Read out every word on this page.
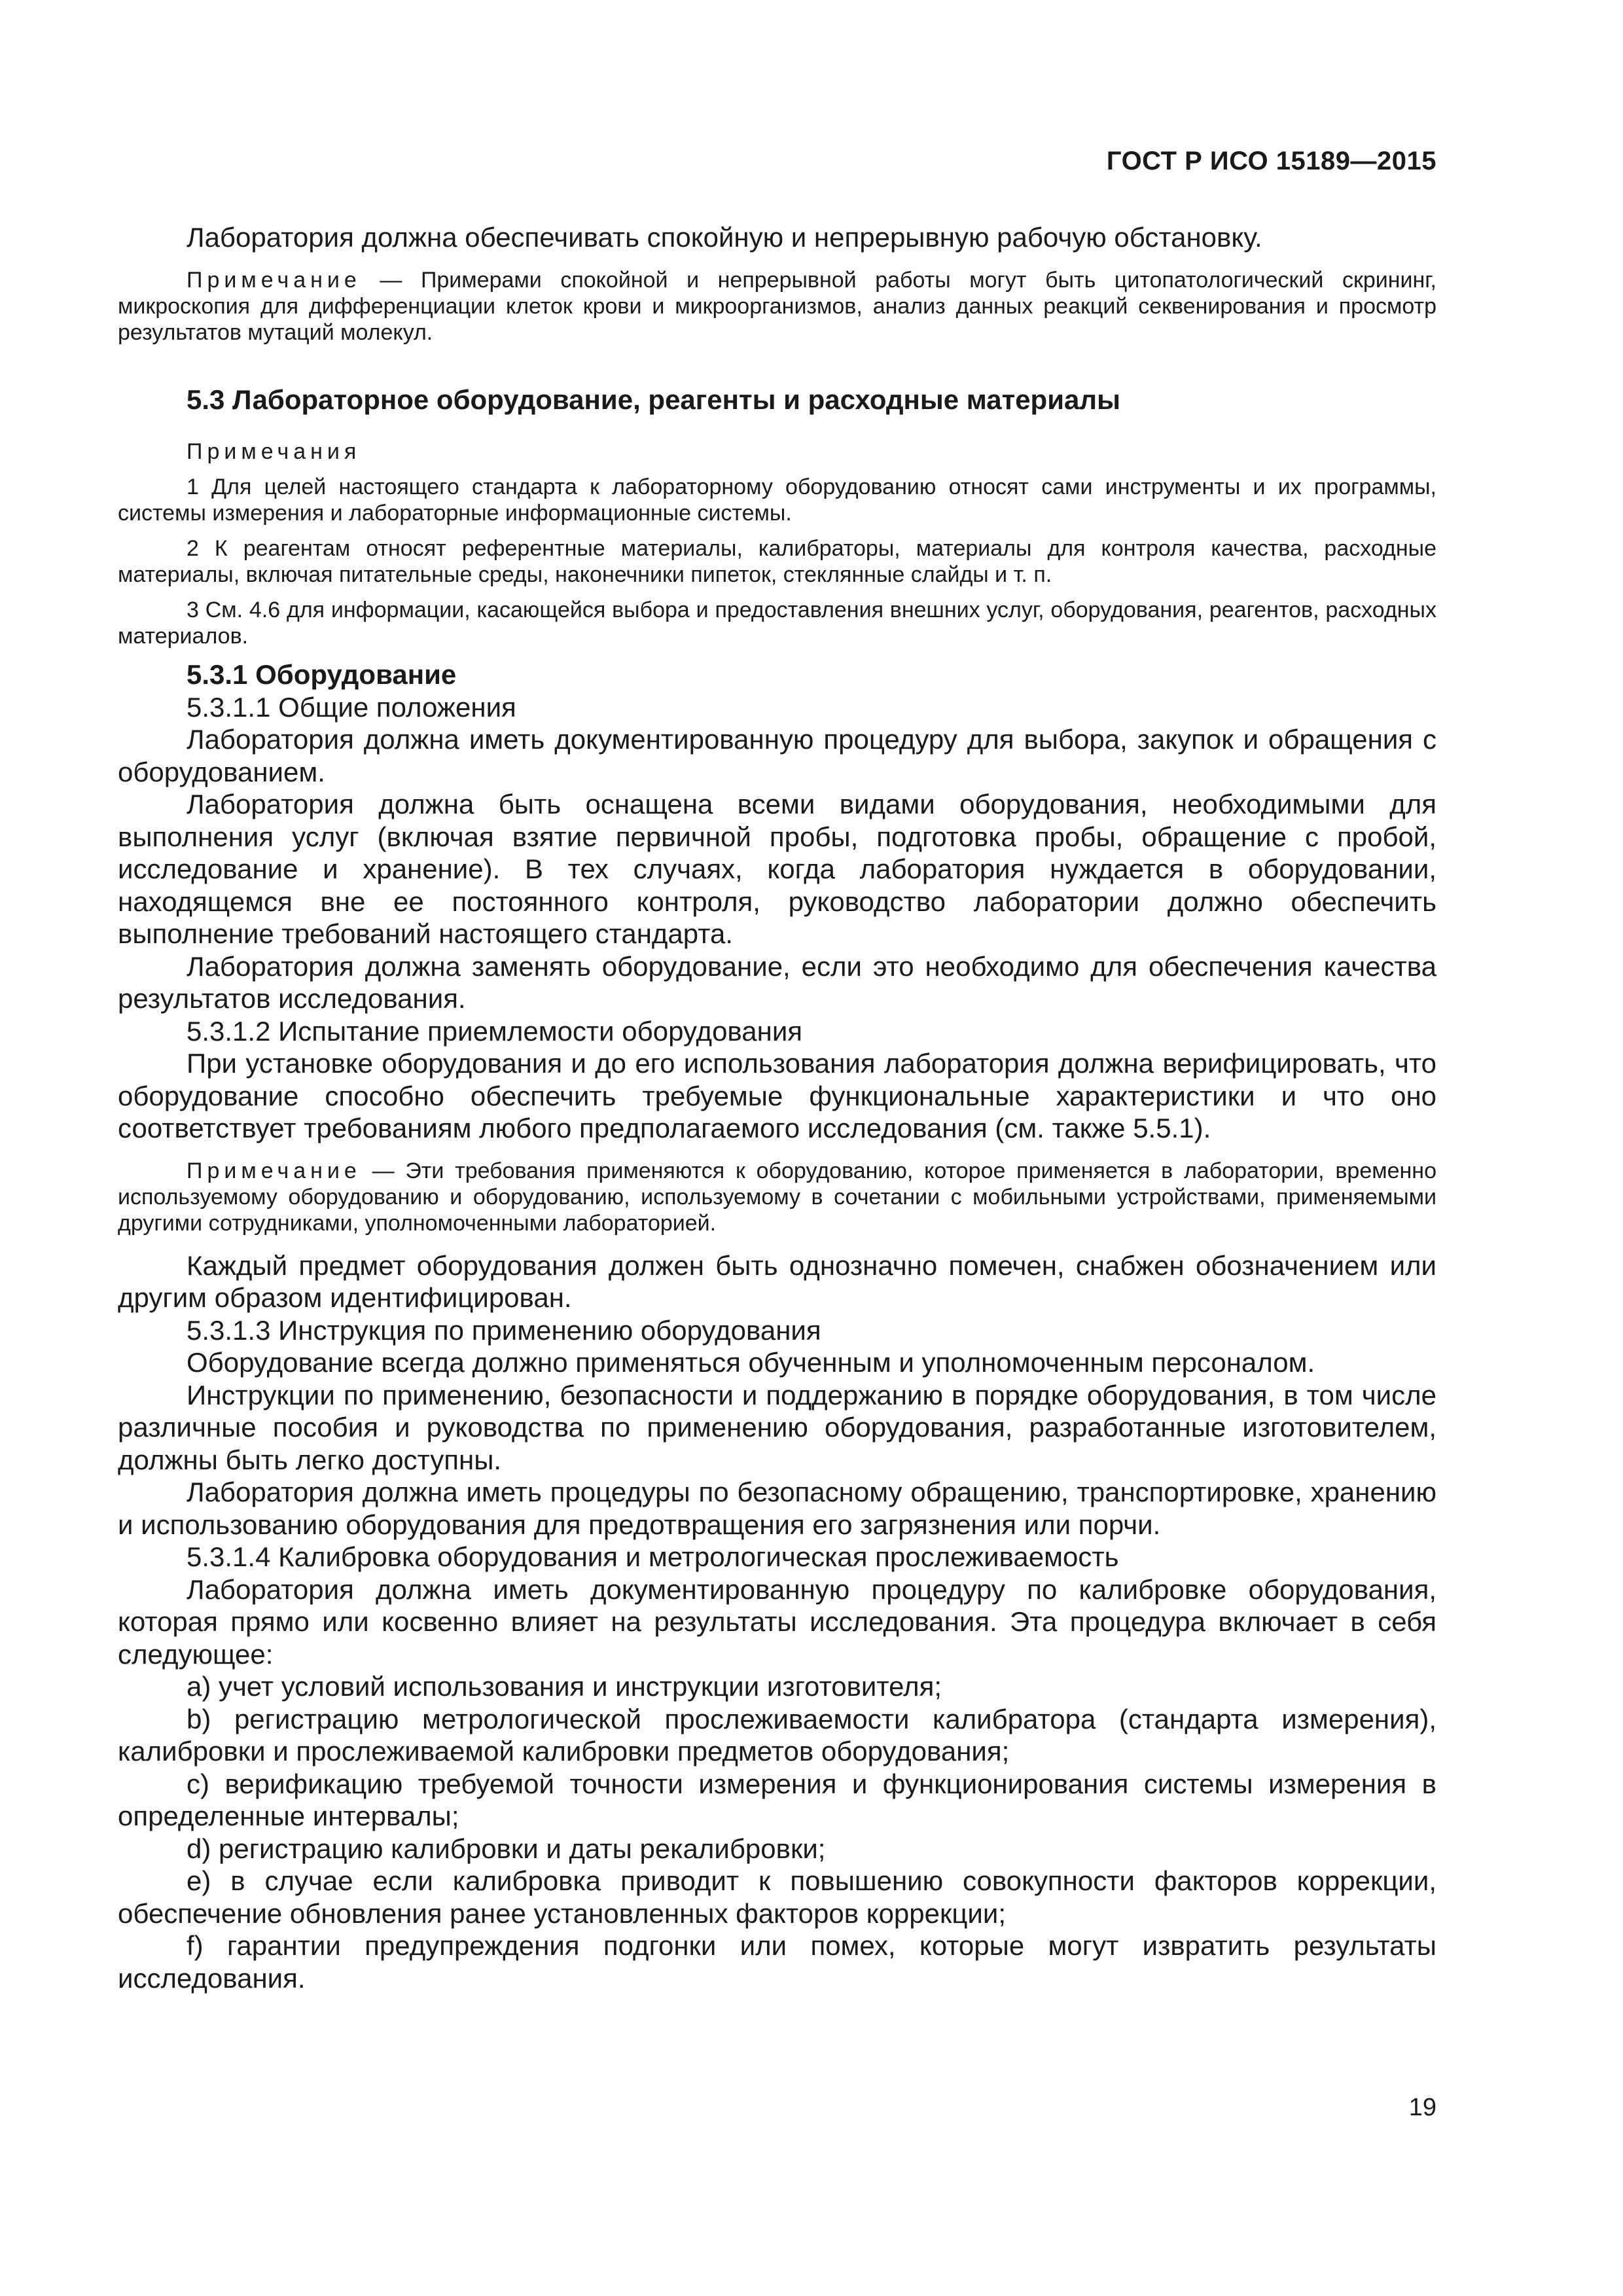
ГОСТ Р ИСО 15189—2015

Лаборатория должна обеспечивать спокойную и непрерывную рабочую обстановку.

Примечание — Примерами спокойной и непрерывной работы могут быть цитопатологический скрининг, микроскопия для дифференциации клеток крови и микроорганизмов, анализ данных реакций секвенирования и просмотр результатов мутаций молекул.

5.3 Лабораторное оборудование, реагенты и расходные материалы

Примечания

1 Для целей настоящего стандарта к лабораторному оборудованию относят сами инструменты и их программы, системы измерения и лабораторные информационные системы.

2 К реагентам относят референтные материалы, калибраторы, материалы для контроля качества, расходные материалы, включая питательные среды, наконечники пипеток, стеклянные слайды и т. п.

3 См. 4.6 для информации, касающейся выбора и предоставления внешних услуг, оборудования, реагентов, расходных материалов.

5.3.1 Оборудование

5.3.1.1 Общие положения

Лаборатория должна иметь документированную процедуру для выбора, закупок и обращения с оборудованием.

Лаборатория должна быть оснащена всеми видами оборудования, необходимыми для выполнения услуг (включая взятие первичной пробы, подготовка пробы, обращение с пробой, исследование и хранение). В тех случаях, когда лаборатория нуждается в оборудовании, находящемся вне ее постоянного контроля, руководство лаборатории должно обеспечить выполнение требований настоящего стандарта.

Лаборатория должна заменять оборудование, если это необходимо для обеспечения качества результатов исследования.

5.3.1.2 Испытание приемлемости оборудования

При установке оборудования и до его использования лаборатория должна верифицировать, что оборудование способно обеспечить требуемые функциональные характеристики и что оно соответствует требованиям любого предполагаемого исследования (см. также 5.5.1).

Примечание — Эти требования применяются к оборудованию, которое применяется в лаборатории, временно используемому оборудованию и оборудованию, используемому в сочетании с мобильными устройствами, применяемыми другими сотрудниками, уполномоченными лабораторией.

Каждый предмет оборудования должен быть однозначно помечен, снабжен обозначением или другим образом идентифицирован.

5.3.1.3 Инструкция по применению оборудования

Оборудование всегда должно применяться обученным и уполномоченным персоналом.

Инструкции по применению, безопасности и поддержанию в порядке оборудования, в том числе различные пособия и руководства по применению оборудования, разработанные изготовителем, должны быть легко доступны.

Лаборатория должна иметь процедуры по безопасному обращению, транспортировке, хранению и использованию оборудования для предотвращения его загрязнения или порчи.

5.3.1.4 Калибровка оборудования и метрологическая прослеживаемость

Лаборатория должна иметь документированную процедуру по калибровке оборудования, которая прямо или косвенно влияет на результаты исследования. Эта процедура включает в себя следующее:

a) учет условий использования и инструкции изготовителя;

b) регистрацию метрологической прослеживаемости калибратора (стандарта измерения), калибровки и прослеживаемой калибровки предметов оборудования;

c) верификацию требуемой точности измерения и функционирования системы измерения в определенные интервалы;

d) регистрацию калибровки и даты рекалибровки;

e) в случае если калибровка приводит к повышению совокупности факторов коррекции, обеспечение обновления ранее установленных факторов коррекции;

f) гарантии предупреждения подгонки или помех, которые могут извратить результаты исследования.

19
